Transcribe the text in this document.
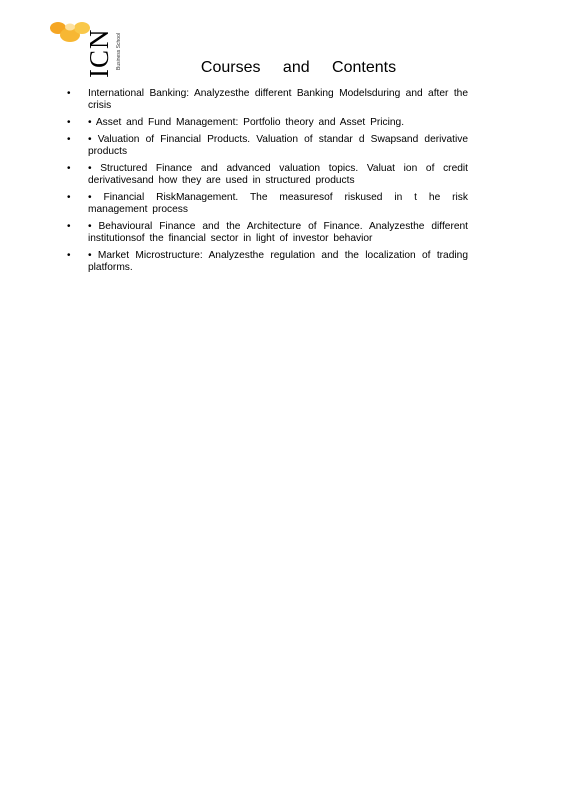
ICN Business School	Courses and Contents
• International Banking: Analyzesthe different Banking Modelsduring and after the crisis
• • Asset and Fund Management: Portfolio theory and Asset Pricing.
• • Valuation of Financial Products. Valuation of standar d Swapsand derivative products
• • Structured Finance and advanced valuation topics. Valuat ion of credit derivativesand how they are used in structured products
• • Financial RiskManagement. The measuresof riskused in t he risk management process
• • Behavioural Finance and the Architecture of Finance. Analyzesthe different institutionsof the financial sector in light of investor behavior
• • Market Microstructure: Analyzesthe regulation and the localization of trading platforms.
